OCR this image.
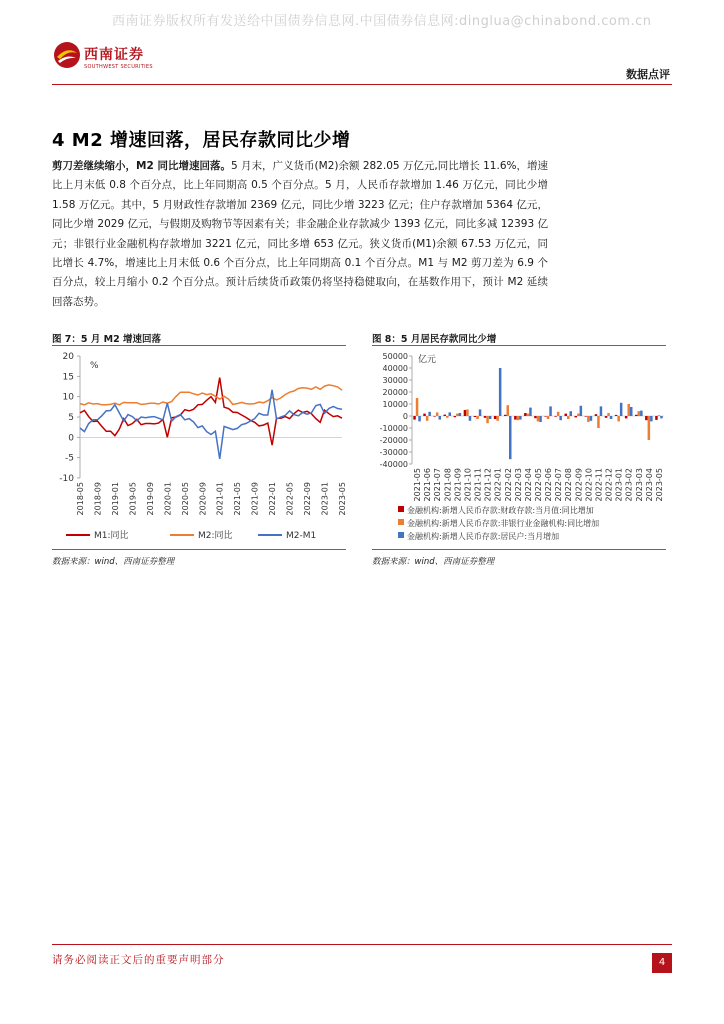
西南证券版权所有发送给中国债券信息网.中国债券信息网:dinglua@chinabond.com.cn
西南证券
SOUTHWEST SECURITIES
数据点评
4 M2 增速回落，居民存款同比少增
剪刀差继续缩小，M2 同比增速回落。5 月末，广义货币(M2)余额 282.05 万亿元,同比增长 11.6%，增速比上月末低 0.8 个百分点，比上年同期高 0.5 个百分点。5 月，人民币存款增加 1.46 万亿元，同比少增 1.58 万亿元。其中，5 月财政性存款增加 2369 亿元，同比少增 3223 亿元；住户存款增加 5364 亿元，同比少增 2029 亿元，与假期及购物节等因素有关；非金融企业存款减少 1393 亿元，同比多减 12393 亿元；非银行业金融机构存款增加 3221 亿元，同比多增 653 亿元。狭义货币(M1)余额 67.53 万亿元，同比增长 4.7%，增速比上月末低 0.6 个百分点，比上年同期高 0.1 个百分点。M1 与 M2 剪刀差为 6.9 个百分点，较上月缩小 0.2 个百分点。预计后续货币政策仍将坚持稳健取向，在基数作用下，预计 M2 延续回落态势。
图 7：5 月 M2 增速回落	图 8：5 月居民存款同比少增
-10
-5
0
5
10
15
20
%
2018-05 2018-09 2019-01 2019-05 2019-09 2020-01 2020-05 2020-09 2021-01 2021-05 2021-09 2022-01 2022-05 2022-09 2023-01 2023-05
M1:同比	M2:同比	M2-M1
-40000
-30000
-20000
-10000
0
10000
20000
30000
40000
50000 亿元
2021-05 2021-06 2021-07 2021-08 2021-09 2021-10 2021-11 2021-12 2022-01 2022-02 2022-03 2022-04 2022-05 2022-06 2022-07 2022-08 2022-09 2022-10 2022-11 2022-12 2023-01 2023-02 2023-03 2023-04 2023-05
金融机构:新增人民币存款:财政存款:当月值:同比增加
金融机构:新增人民币存款:非银行业金融机构:同比增加
金融机构:新增人民币存款:居民户:当月增加
数据来源：wind、西南证券整理	数据来源：wind、西南证券整理
请务必阅读正文后的重要声明部分	4
